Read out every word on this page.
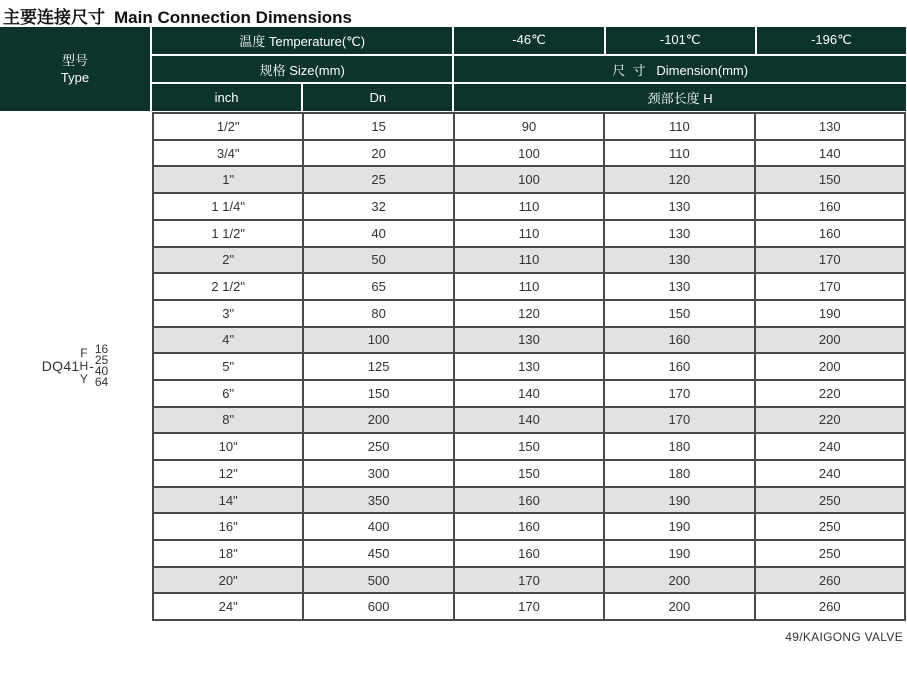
主要连接尺寸 Main Connection Dimensions
型号
Type
DQ41
F
H
Y
-
16
25
40
64
温度 Temperature(℃)	-46℃	-101℃	-196℃
规格 Size(mm)	尺  寸   Dimension(mm)
inch	Dn	颈部长度 H
1/2"	15	90	110	130
3/4"	20	100	110	140
1"	25	100	120	150
1 1/4"	32	110	130	160
1 1/2"	40	110	130	160
2"	50	110	130	170
2 1/2"	65	110	130	170
3"	80	120	150	190
4"	100	130	160	200
5"	125	130	160	200
6"	150	140	170	220
8"	200	140	170	220
10"	250	150	180	240
12"	300	150	180	240
14"	350	160	190	250
16"	400	160	190	250
18"	450	160	190	250
20"	500	170	200	260
24"	600	170	200	260
49/KAIGONG VALVE
